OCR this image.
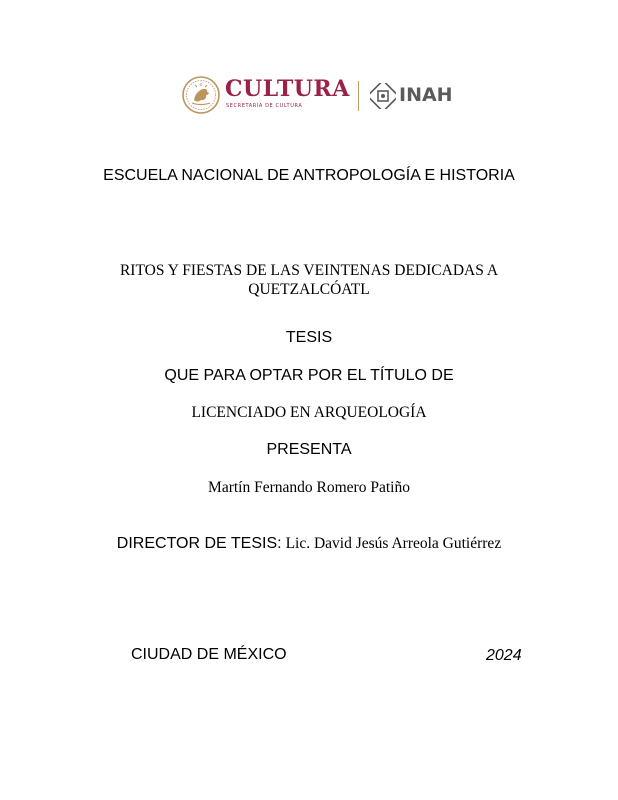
CULTURA
SECRETARÍA DE CULTURA	INAH
ESCUELA NACIONAL DE ANTROPOLOGÍA E HISTORIA
RITOS Y FIESTAS DE LAS VEINTENAS DEDICADAS A
QUETZALCÓATL
TESIS
QUE PARA OPTAR POR EL TÍTULO DE
LICENCIADO EN ARQUEOLOGÍA
PRESENTA
Martín Fernando Romero Patiño
DIRECTOR DE TESIS: Lic. David Jesús Arreola Gutiérrez
CIUDAD DE MÉXICO	2024
